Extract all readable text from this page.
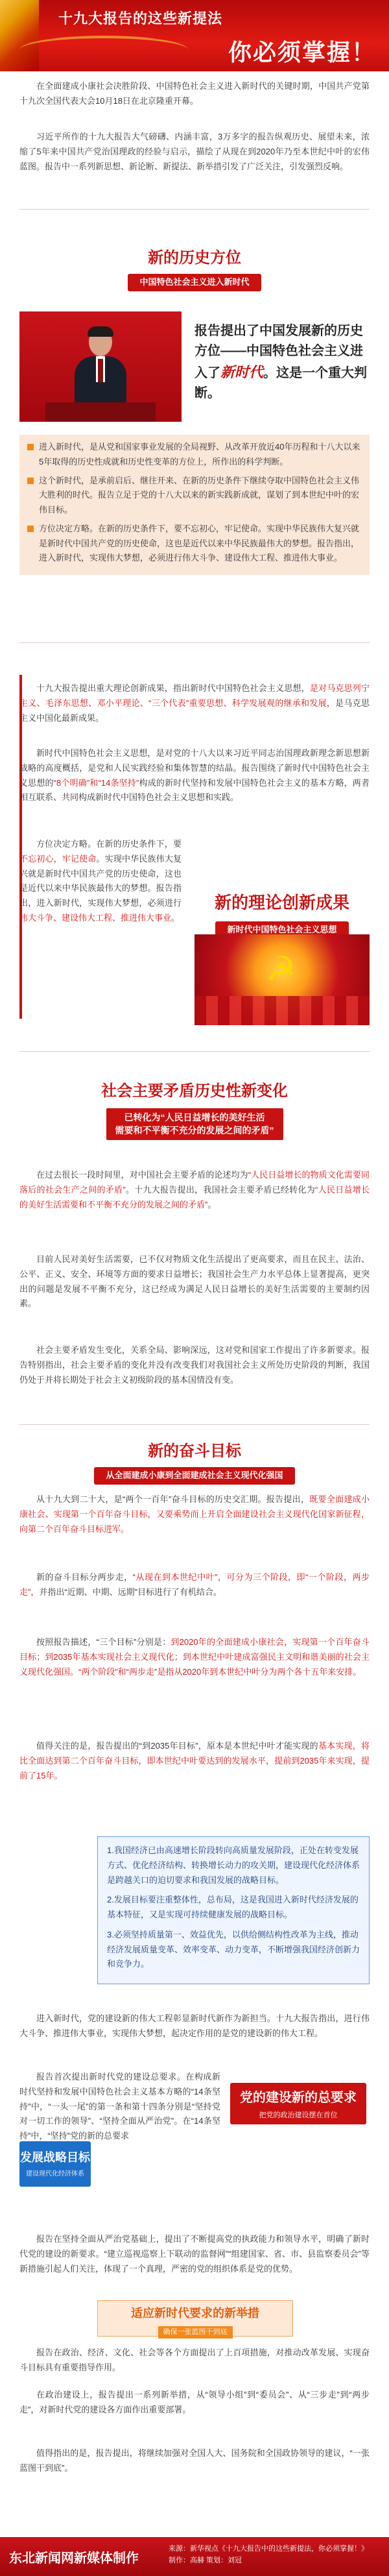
十九大报告的这些新提法
你必须掌握！

在全面建成小康社会决胜阶段、中国特色社会主义进入新时代的关键时期，中国共产党第十九次全国代表大会10月18日在北京隆重开幕。

习近平所作的十九大报告大气磅礴、内涵丰富，3万多字的报告纵观历史、展望未来，浓缩了5年来中国共产党治国理政的经验与启示，描绘了从现在到2020年乃至本世纪中叶的宏伟蓝图。报告中一系列新思想、新论断、新提法、新举措引发了广泛关注，引发强烈反响。

新的历史方位
中国特色社会主义进入新时代
报告提出了中国发展新的历史方位——中国特色社会主义进入了新时代。这是一个重大判断。

进入新时代，是从党和国家事业发展的全局视野、从改革开放近40年历程和十八大以来5年取得的历史性成就和历史性变革的方位上，所作出的科学判断。

这个新时代，是承前启后、继往开来、在新的历史条件下继续夺取中国特色社会主义伟大胜利的时代。报告立足于党的十八大以来的新实践新成就，谋划了到本世纪中叶的宏伟目标。

方位决定方略。在新的历史条件下，要不忘初心，牢记使命。实现中华民族伟大复兴就是新时代中国共产党的历史使命，这也是近代以来中华民族最伟大的梦想。报告指出，进入新时代，实现伟大梦想，必须进行伟大斗争、建设伟大工程、推进伟大事业。

十九大报告提出重大理论创新成果，指出新时代中国特色社会主义思想，是对马克思列宁主义、毛泽东思想、邓小平理论、“三个代表”重要思想、科学发展观的继承和发展，是马克思主义中国化最新成果。

新时代中国特色社会主义思想，是对党的十八大以来习近平同志治国理政新理念新思想新战略的高度概括，是党和人民实践经验和集体智慧的结晶。报告围绕了新时代中国特色社会主义思想的“8个明确”和“14条坚持”构成的新时代坚持和发展中国特色社会主义的基本方略，两者相互联系、共同构成新时代中国特色社会主义思想和实践。

方位决定方略。在新的历史条件下，要不忘初心，牢记使命。实现中华民族伟大复兴就是新时代中国共产党的历史使命，这也是近代以来中华民族最伟大的梦想。报告指出，进入新时代，实现伟大梦想，必须进行伟大斗争、建设伟大工程、推进伟大事业。

新的理论创新成果
新时代中国特色社会主义思想
☭
社会主要矛盾历史性新变化
已转化为“人民日益增长的美好生活
需要和不平衡不充分的发展之间的矛盾”

在过去很长一段时间里，对中国社会主要矛盾的论述均为“人民日益增长的物质文化需要同落后的社会生产之间的矛盾”。十九大报告提出，我国社会主要矛盾已经转化为“人民日益增长的美好生活需要和不平衡不充分的发展之间的矛盾”。

目前人民对美好生活需要，已不仅对物质文化生活提出了更高要求，而且在民主、法治、公平、正义、安全、环境等方面的要求日益增长；我国社会生产力水平总体上显著提高，更突出的问题是发展不平衡不充分，这已经成为满足人民日益增长的美好生活需要的主要制约因素。

社会主要矛盾发生变化，关系全局、影响深远，这对党和国家工作提出了许多新要求。报告特别指出，社会主要矛盾的变化并没有改变我们对我国社会主义所处历史阶段的判断，我国仍处于并将长期处于社会主义初级阶段的基本国情没有变。

新的奋斗目标
从全面建成小康到全面建成社会主义现代化强国

从十九大到二十大，是“两个一百年”奋斗目标的历史交汇期。报告提出，既要全面建成小康社会、实现第一个百年奋斗目标，又要乘势而上开启全面建设社会主义现代化国家新征程，向第二个百年奋斗目标进军。

新的奋斗目标分两步走，“从现在到本世纪中叶”，可分为三个阶段，即“一个阶段，两步走”，并指出“近期、中期、远期”目标进行了有机结合。

按照报告描述，“三个目标”分别是：到2020年的全面建成小康社会，实现第一个百年奋斗目标；到2035年基本实现社会主义现代化；到本世纪中叶建成富强民主文明和谐美丽的社会主义现代化强国。“两个阶段”和“两步走”是指从2020年到本世纪中叶分为两个各十五年来安排。

值得关注的是，报告提出的“到2035年目标”，原本是本世纪中叶才能实现的基本实现，将比全面达到第二个百年奋斗目标，即本世纪中叶要达到的发展水平，提前到2035年来实现，提前了15年。

发展战略目标
建设现代化经济体系

1.我国经济已由高速增长阶段转向高质量发展阶段，正处在转变发展方式、优化经济结构、转换增长动力的攻关期，建设现代化经济体系是跨越关口的迫切要求和我国发展的战略目标。

2.发展目标要注重整体性，总布局，这是我国进入新时代经济发展的基本特征，又是实现可持续健康发展的战略目标。

3.必须坚持质量第一、效益优先，以供给侧结构性改革为主线，推动经济发展质量变革、效率变革、动力变革，不断增强我国经济创新力和竞争力。

进入新时代，党的建设新的伟大工程彰显新时代新作为新担当。十九大报告指出，进行伟大斗争、推进伟大事业，实现伟大梦想，起决定作用的是党的建设新的伟大工程。

报告首次提出新时代党的建设总要求。在构成新时代坚持和发展中国特色社会主义基本方略的“14条坚持”中，“一头一尾”的第一条和第十四条分别是“坚持党对一切工作的领导”、“坚持全面从严治党”。在“14条坚持”中，“坚持”党的新的总要求

党的建设新的总要求
把党的政治建设摆在首位

报告在坚持全面从严治党基础上，提出了不断提高党的执政能力和领导水平，明确了新时代党的建设的新要求。“建立巡视巡察上下联动的监督网”“组建国家、省、市、县监察委员会”等新措施引起人们关注，体现了一个真理，严密的党的组织体系是党的优势。

适应新时代要求的新举措
确保一张蓝图干到底

报告在政治、经济、文化、社会等各个方面提出了上百项措施，对推动改革发展、实现奋斗目标具有重要指导作用。

在政治建设上，报告提出一系列新举措，从“领导小组”到“委员会”、从“三步走”到“两步走”，对新时代党的建设各方面作出重要部署。

值得指出的是，报告提出，将继续加强对全国人大、国务院和全国政协领导的建议，“一张蓝图干到底”。

东北新闻网新媒体制作
来源：新华视点《十九大报告中的这些新提法，你必须掌握！》
制作：高赫 策划：刘冠
